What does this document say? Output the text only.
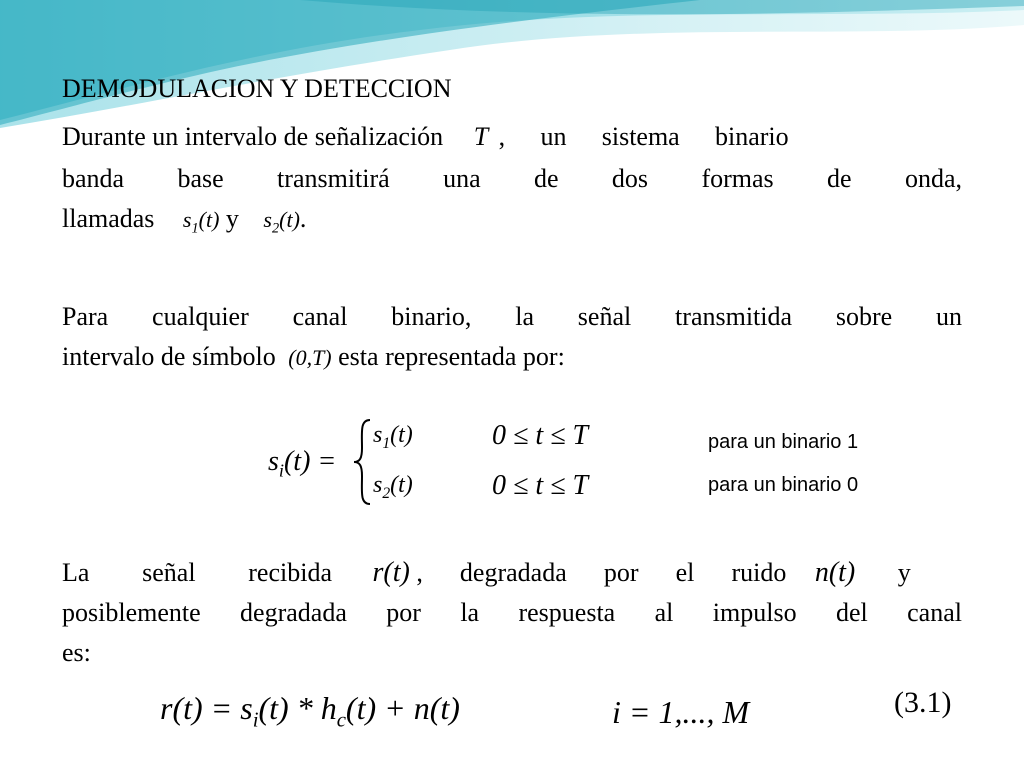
DEMODULACION Y DETECCION
Durante un intervalo de señalización T , un sistema binario
banda base transmitirá una de dos formas de onda,
llamadas $s_1(t)$ y $s_2(t)$.
Para cualquier canal binario, la señal transmitida sobre un
intervalo de símbolo (0,T) esta representada por:
$s_i(t)$ =
$s_1(t)$	0 ≤ t ≤ T	para un binario 1
$s_2(t)$	0 ≤ t ≤ T	para un binario 0
La señal recibida r(t) , degradada por el ruido n(t) y
posiblemente degradada por la respuesta al impulso del canal
es:
$r(t) = s_i(t) * h_c(t) + n(t)$	i = 1,..., M	(3.1)
